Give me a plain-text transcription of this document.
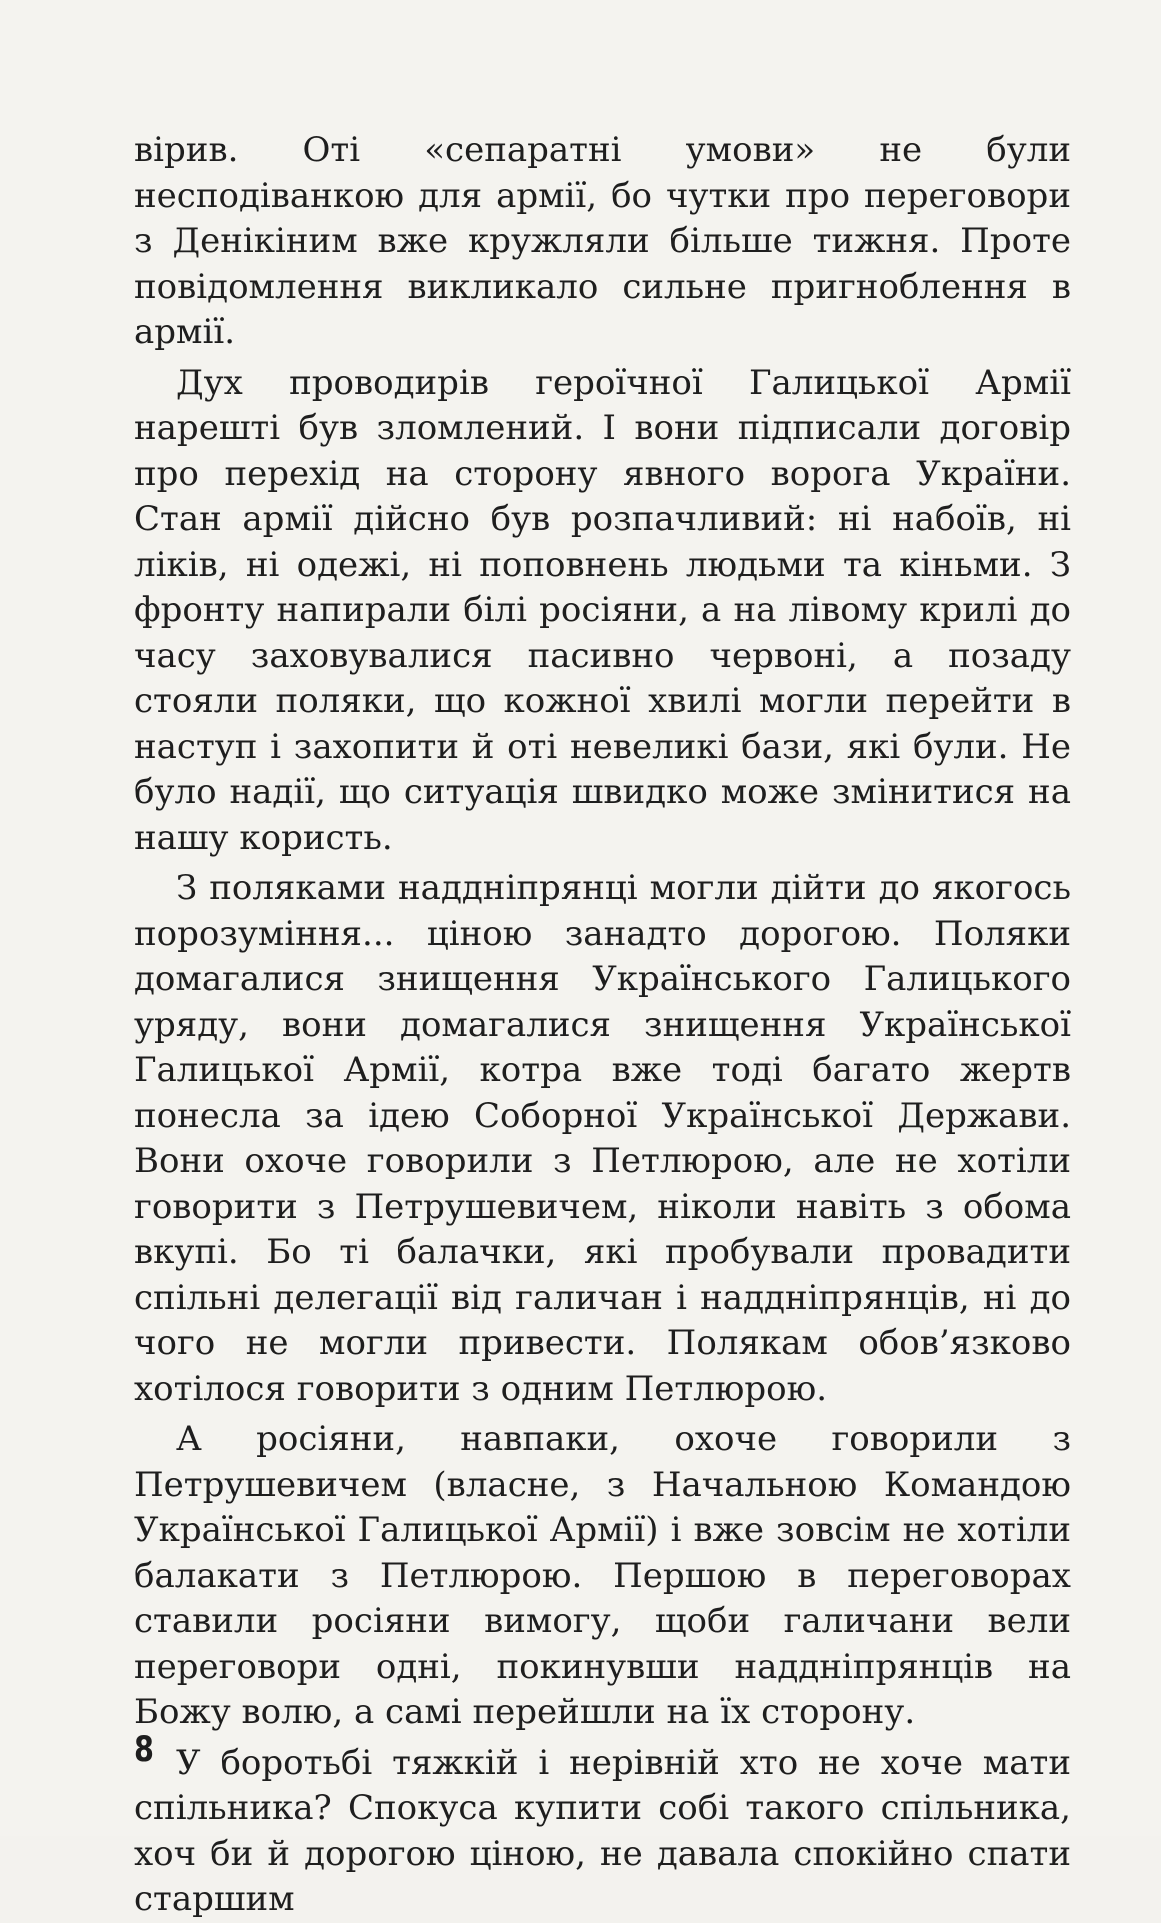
вірив. Оті «сепаратні умови» не були несподіванкою для армії, бо чутки про переговори з Денікіним вже кружляли більше тижня. Проте повідомлення викликало сильне пригноблення в армії.

Дух проводирів героїчної Галицької Армії нарешті був зломлений. І вони підписали договір про перехід на сторону явного ворога України. Стан армії дійсно був розпачливий: ні набоїв, ні ліків, ні одежі, ні поповнень людьми та кіньми. З фронту напирали білі росіяни, а на лівому крилі до часу заховувалися пасивно червоні, а позаду стояли поляки, що кожної хвилі могли перейти в наступ і захопити й оті невеликі бази, які були. Не було надії, що ситуація швидко може змінитися на нашу користь.

З поляками наддніпрянці могли дійти до якогось порозуміння... ціною занадто дорогою. Поляки домагалися знищення Українського Галицького уряду, вони домагалися знищення Української Галицької Армії, котра вже тоді багато жертв понесла за ідею Соборної Української Держави. Вони охоче говорили з Петлюрою, але не хотіли говорити з Петрушевичем, ніколи навіть з обома вкупі. Бо ті балачки, які пробували провадити спільні делегації від галичан і наддніпрянців, ні до чого не могли привести. Полякам обов’язково хотілося говорити з одним Петлюрою.

А росіяни, навпаки, охоче говорили з Петрушевичем (власне, з Начальною Командою Української Галицької Армії) і вже зовсім не хотіли балакати з Петлюрою. Першою в переговорах ставили росіяни вимогу, щоби галичани вели переговори одні, покинувши наддніпрянців на Божу волю, а самі перейшли на їх сторону.

У боротьбі тяжкій і нерівній хто не хоче мати спільника? Спокуса купити собі такого спільника, хоч би й дорогою ціною, не давала спокійно спати старшим

8
